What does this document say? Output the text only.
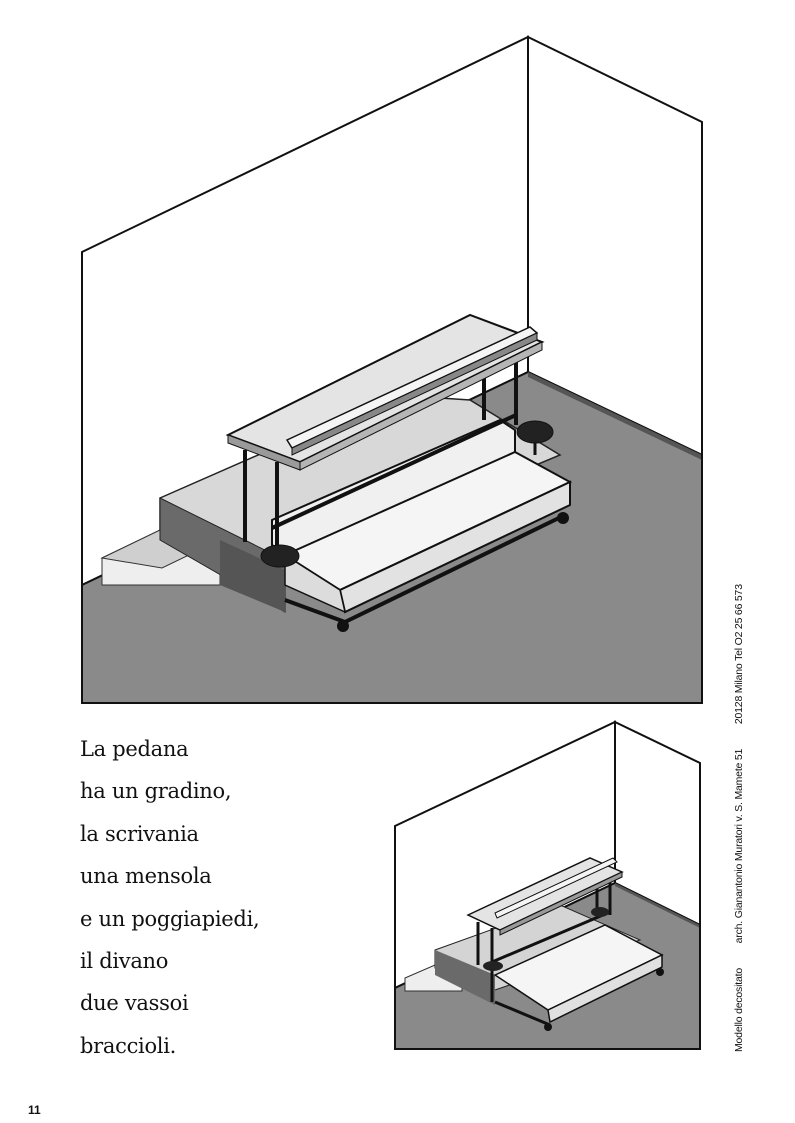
La pedana
ha un gradino,
la scrivania
una mensola
e un poggiapiedi,
il divano
due vassoi
braccioli.	Modello decositato arch. Gianantonio Muratori v. S. Mamete 51 20128 Milano Tel O2 25 66 573
11
